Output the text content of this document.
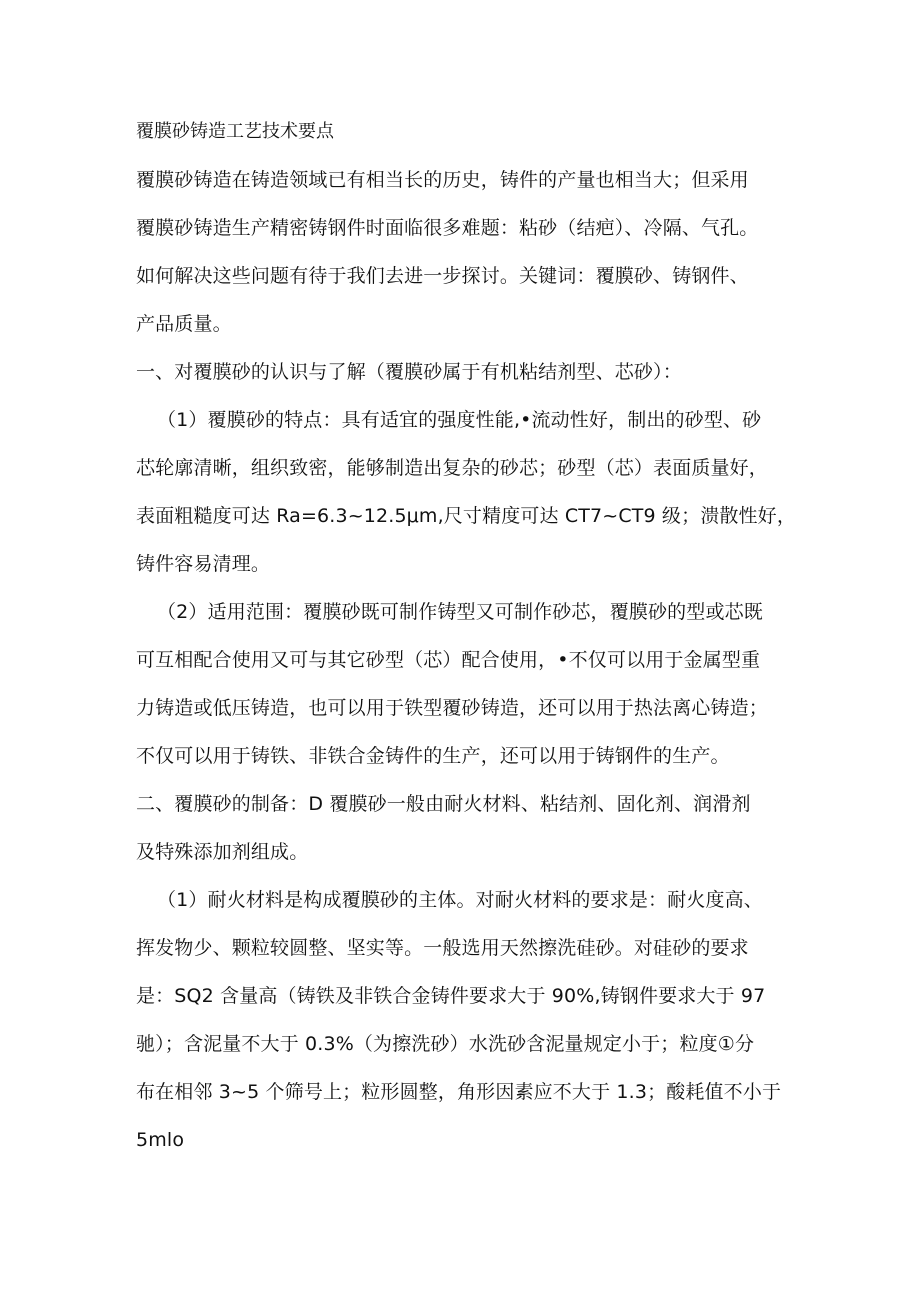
覆膜砂铸造工艺技术要点
覆膜砂铸造在铸造领域已有相当长的历史，铸件的产量也相当大；但采用
覆膜砂铸造生产精密铸钢件时面临很多难题：粘砂（结疤）、冷隔、气孔。
如何解决这些问题有待于我们去进一步探讨。关键词：覆膜砂、铸钢件、
产品质量。
一、对覆膜砂的认识与了解（覆膜砂属于有机粘结剂型、芯砂）：
（1）覆膜砂的特点：具有适宜的强度性能,•流动性好，制出的砂型、砂
芯轮廓清晰，组织致密，能够制造出复杂的砂芯；砂型（芯）表面质量好，
表面粗糙度可达 Ra=6.3~12.5μm,尺寸精度可达 CT7~CT9 级；溃散性好，
铸件容易清理。
（2）适用范围：覆膜砂既可制作铸型又可制作砂芯，覆膜砂的型或芯既
可互相配合使用又可与其它砂型（芯）配合使用，•不仅可以用于金属型重
力铸造或低压铸造，也可以用于铁型覆砂铸造，还可以用于热法离心铸造；
不仅可以用于铸铁、非铁合金铸件的生产，还可以用于铸钢件的生产。
二、覆膜砂的制备：D 覆膜砂一般由耐火材料、粘结剂、固化剂、润滑剂
及特殊添加剂组成。
（1）耐火材料是构成覆膜砂的主体。对耐火材料的要求是：耐火度高、
挥发物少、颗粒较圆整、坚实等。一般选用天然擦洗硅砂。对硅砂的要求
是：SQ2 含量高（铸铁及非铁合金铸件要求大于 90%,铸钢件要求大于 97
驰）；含泥量不大于 0.3%（为擦洗砂）水洗砂含泥量规定小于；粒度①分
布在相邻 3~5 个筛号上；粒形圆整，角形因素应不大于 1.3；酸耗值不小于
5mlo
